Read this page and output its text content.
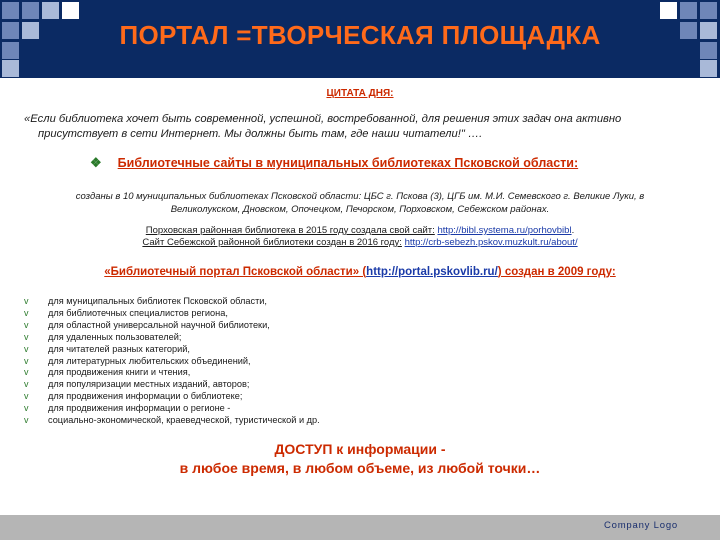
ПОРТАЛ =ТВОРЧЕСКАЯ ПЛОЩАДКА
ЦИТАТА ДНЯ:
«Если библиотека хочет быть современной, успешной, востребованной, для решения этих задач она активно
присутствует в сети Интернет. Мы должны быть там, где наши читатели!" ….
❖ Библиотечные сайты в муниципальных библиотеках Псковской области:
созданы в 10 муниципальных библиотеках Псковской области: ЦБС г. Пскова (3), ЦГБ им. М.И. Семевского г. Великие Луки, в
Великолукском, Дновском, Опочецком, Печорском, Порховском, Себежском районах.
Порховская районная библиотека в 2015 году создала свой сайт: http://bibl.systema.ru/porhovbibl.
Сайт Себежской районной библиотеки создан в 2016 году: http://crb-sebezh.pskov.muzkult.ru/about/
«Библиотечный портал Псковской области» (http://portal.pskovlib.ru/) создан в 2009 году:
v	для муниципальных библиотек Псковской области,
v	для библиотечных специалистов региона,
v	для областной универсальной научной библиотеки,
v	для удаленных пользователей;
v	для читателей разных категорий,
v	для литературных любительских объединений,
v	для продвижения книги и чтения,
v	для популяризации местных изданий, авторов;
v	для продвижения информации о библиотеке;
v	для продвижения информации о регионе -
v	социально-экономической, краеведческой, туристической и др.
ДОСТУП к информации -
в любое время, в любом объеме, из любой точки…
Company Logo
